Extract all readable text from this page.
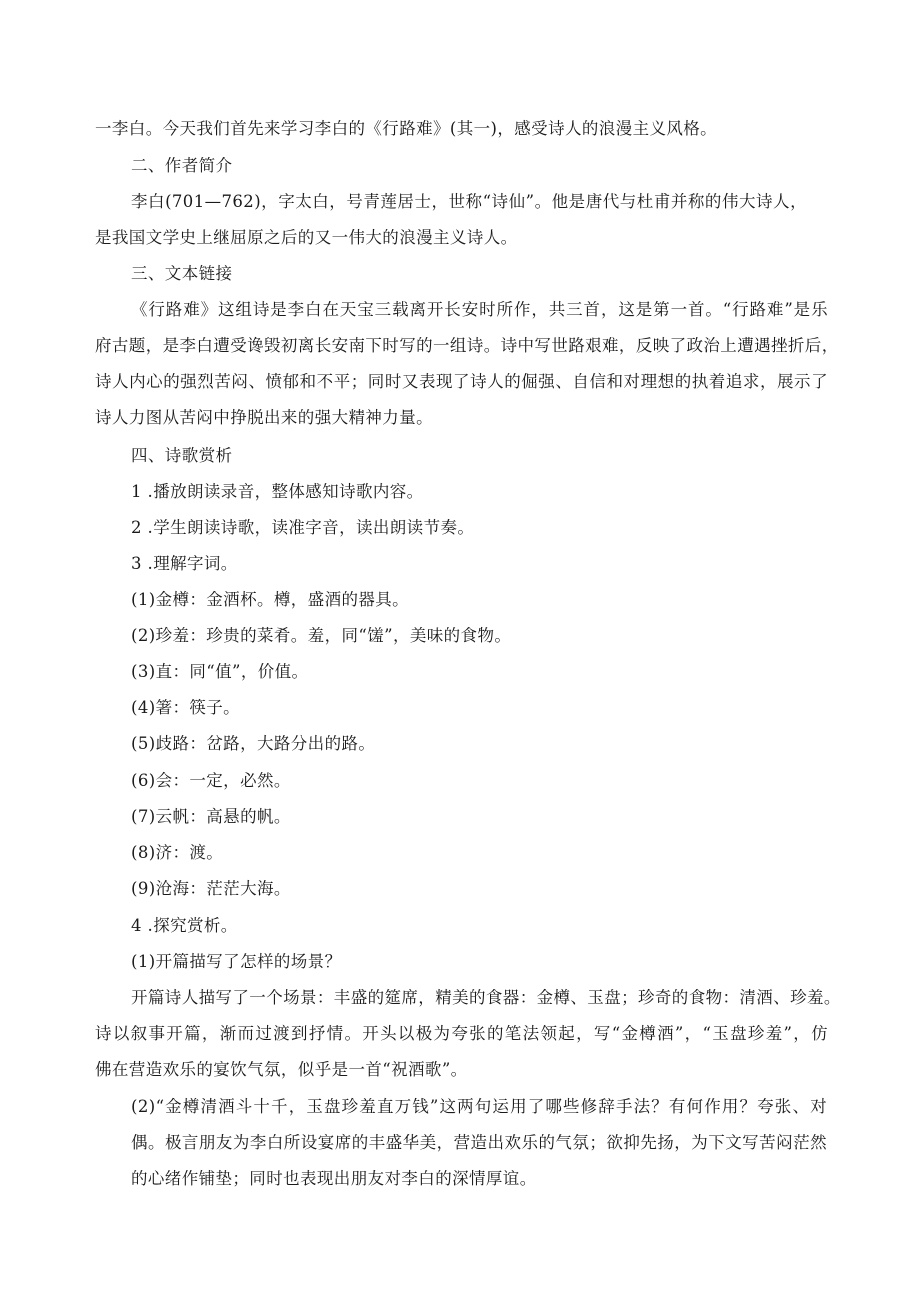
一李白。今天我们首先来学习李白的《行路难》(其一)，感受诗人的浪漫主义风格。
二、作者简介
李白(701—762)，字太白，号青莲居士，世称“诗仙”。他是唐代与杜甫并称的伟大诗人，
是我国文学史上继屈原之后的又一伟大的浪漫主义诗人。
三、文本链接
《行路难》这组诗是李白在天宝三载离开长安时所作，共三首，这是第一首。“行路难”是乐
府古题，是李白遭受谗毁初离长安南下时写的一组诗。诗中写世路艰难，反映了政治上遭遇挫折后，
诗人内心的强烈苦闷、愤郁和不平；同时又表现了诗人的倔强、自信和对理想的执着追求，展示了
诗人力图从苦闷中挣脱出来的强大精神力量。
四、诗歌赏析
1 .播放朗读录音，整体感知诗歌内容。
2 .学生朗读诗歌，读准字音，读出朗读节奏。
3 .理解字词。
(1)金樽：金酒杯。樽，盛酒的器具。
(2)珍羞：珍贵的菜肴。羞，同“馐”，美味的食物。
(3)直：同“值”，价值。
(4)箸：筷子。
(5)歧路：岔路，大路分出的路。
(6)会：一定，必然。
(7)云帆：高悬的帆。
(8)济：渡。
(9)沧海：茫茫大海。
4 .探究赏析。
(1)开篇描写了怎样的场景？
开篇诗人描写了一个场景：丰盛的筵席，精美的食器：金樽、玉盘；珍奇的食物：清酒、珍羞。
诗以叙事开篇，渐而过渡到抒情。开头以极为夸张的笔法领起，写“金樽酒”，“玉盘珍羞”，仿
佛在营造欢乐的宴饮气氛，似乎是一首“祝酒歌”。
(2)“金樽清酒斗十千，玉盘珍羞直万钱”这两句运用了哪些修辞手法？有何作用？夸张、对
偶。极言朋友为李白所设宴席的丰盛华美，营造出欢乐的气氛；欲抑先扬，为下文写苦闷茫然
的心绪作铺垫；同时也表现出朋友对李白的深情厚谊。
